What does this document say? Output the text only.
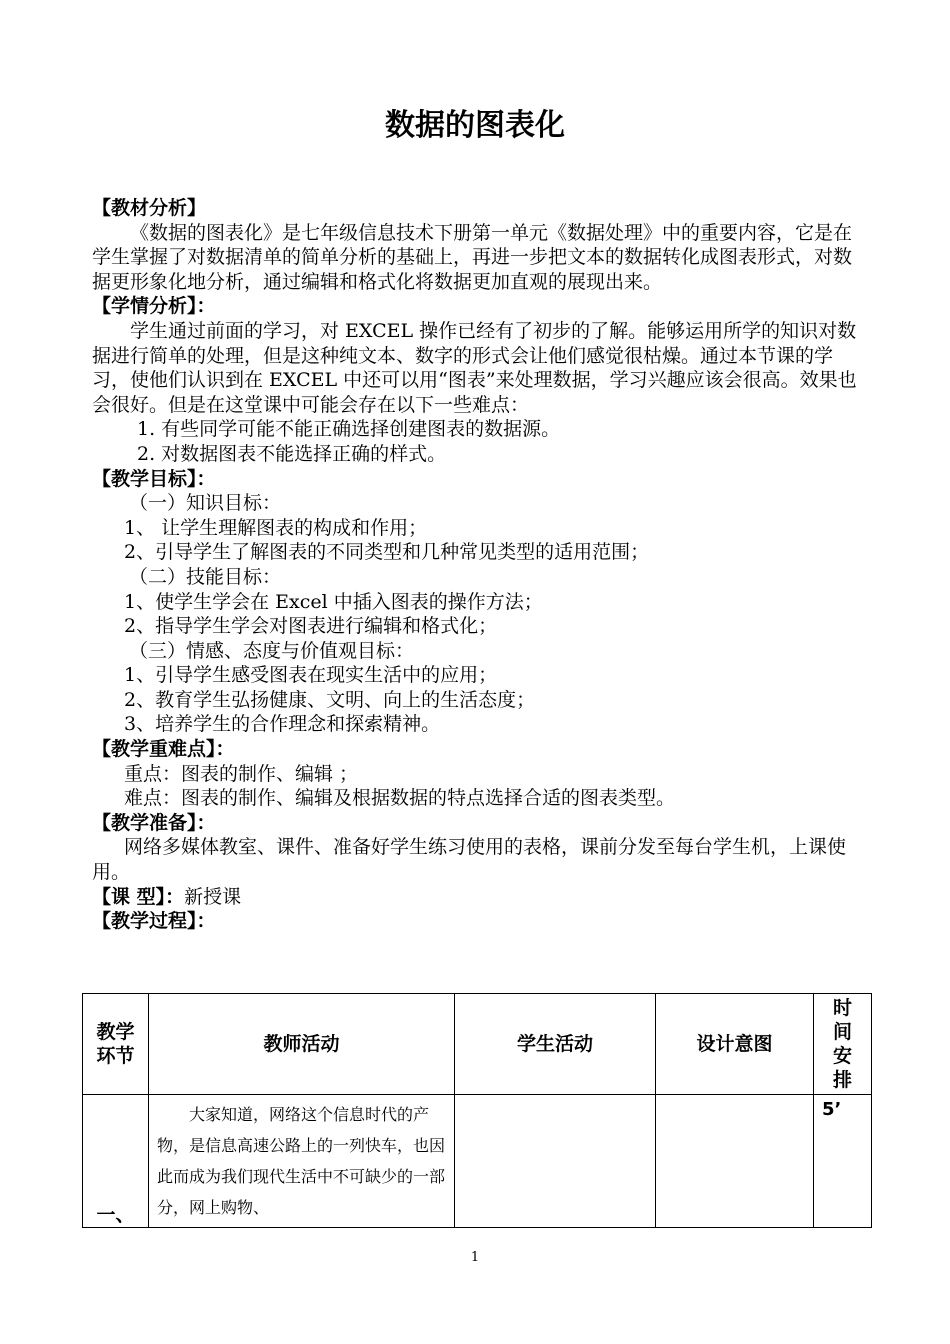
数据的图表化

【教材分析】

《数据的图表化》是七年级信息技术下册第一单元《数据处理》中的重要内容，它是在学生掌握了对数据清单的简单分析的基础上，再进一步把文本的数据转化成图表形式，对数据更形象化地分析，通过编辑和格式化将数据更加直观的展现出来。

【学情分析】：

学生通过前面的学习，对 EXCEL 操作已经有了初步的了解。能够运用所学的知识对数据进行简单的处理，但是这种纯文本、数字的形式会让他们感觉很枯燥。通过本节课的学习，使他们认识到在 EXCEL 中还可以用“图表”来处理数据，学习兴趣应该会很高。效果也会很好。但是在这堂课中可能会存在以下一些难点：

1. 有些同学可能不能正确选择创建图表的数据源。

2. 对数据图表不能选择正确的样式。

【教学目标】：

（一）知识目标：

1、 让学生理解图表的构成和作用；

2、引导学生了解图表的不同类型和几种常见类型的适用范围；

（二）技能目标：

1、使学生学会在 Excel 中插入图表的操作方法；

2、指导学生学会对图表进行编辑和格式化；

（三）情感、态度与价值观目标：

1、引导学生感受图表在现实生活中的应用；

2、教育学生弘扬健康、文明、向上的生活态度；

3、培养学生的合作理念和探索精神。

【教学重难点】：

重点：图表的制作、编辑 ；

难点：图表的制作、编辑及根据数据的特点选择合适的图表类型。

【教学准备】：

网络多媒体教室、课件、准备好学生练习使用的表格，课前分发至每台学生机，上课使用。

【课 型】：新授课

【教学过程】：

教学环节	教师活动	学生活动	设计意图	时间安排
一、	大家知道，网络这个信息时代的产物，是信息高速公路上的一列快车，也因此而成为我们现代生活中不可缺少的一部分，网上购物、			5’
1
